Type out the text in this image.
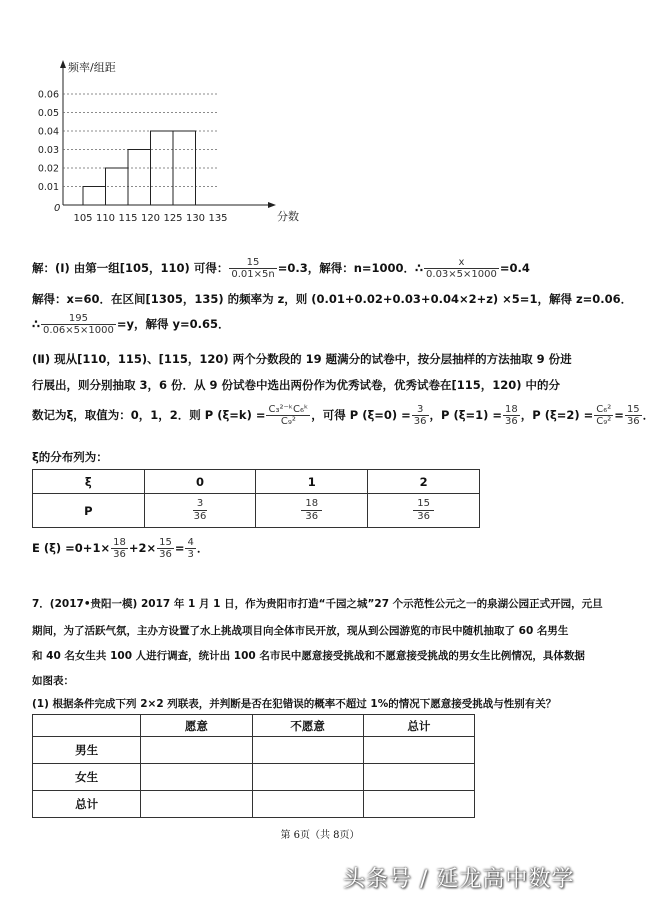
0.06
0.05
0.04
0.03
0.02
0.01
105 110 115 120 125 130 135
频率/组距
分数
0
解：(Ⅰ) 由第一组[105，110) 可得： $\frac{15}{0.01\times 5n} =0.3$，解得：n=1000．∴ $\frac{x}{0.03\times 5\times 1000} =0.4$
解得：x=60．在区间[1305，135) 的频率为 z，则 (0.01+0.02+0.03+0.04×2+z) ×5=1，解得 z=0.06．
∴ $\frac{195}{0.06\times 5\times 1000} =y$，解得 y=0.65．
(Ⅱ) 现从[110，115)、[115，120) 两个分数段的 19 题满分的试卷中，按分层抽样的方法抽取 9 份进
行展出，则分别抽取 3，6 份．从 9 份试卷中选出两份作为优秀试卷，优秀试卷在[115，120) 中的分
数记为ξ，取值为：0，1，2．则 P $(\xi=k) = \frac{\text{C₃²⁻ᵏC₆ᵏ}}{\text{C₉²}}$ ，可得 P $(\xi=0) = \frac{3}{36}$ ，P $(\xi=1) = \frac{18}{36}$ ，P $(\xi=2) = \frac{\text{C₆²}}{\text{C₉²}} = \frac{15}{36}$ ．
ξ的分布列为：
ξ	0	1	2
P	$\frac{3}{36}$	$\frac{18}{36}$	$\frac{15}{36}$
E $(\xi) =0+1\times \frac{18}{36} +2\times \frac{15}{36} = \frac{4}{3}$ ．
7．(2017•贵阳一模) 2017 年 1 月 1 日，作为贵阳市打造“千园之城”27 个示范性公元之一的泉湖公园正式开园，元旦
期间，为了活跃气氛，主办方设置了水上挑战项目向全体市民开放，现从到公园游览的市民中随机抽取了 60 名男生
和 40 名女生共 100 人进行调查，统计出 100 名市民中愿意接受挑战和不愿意接受挑战的男女生比例情况，具体数据
如图表：
(1) 根据条件完成下列 2×2 列联表，并判断是否在犯错误的概率不超过 1%的情况下愿意接受挑战与性别有关？
	愿意	不愿意	总计
男生			
女生			
总计			
第 6页（共 8页）
头条号 / 延龙高中数学
